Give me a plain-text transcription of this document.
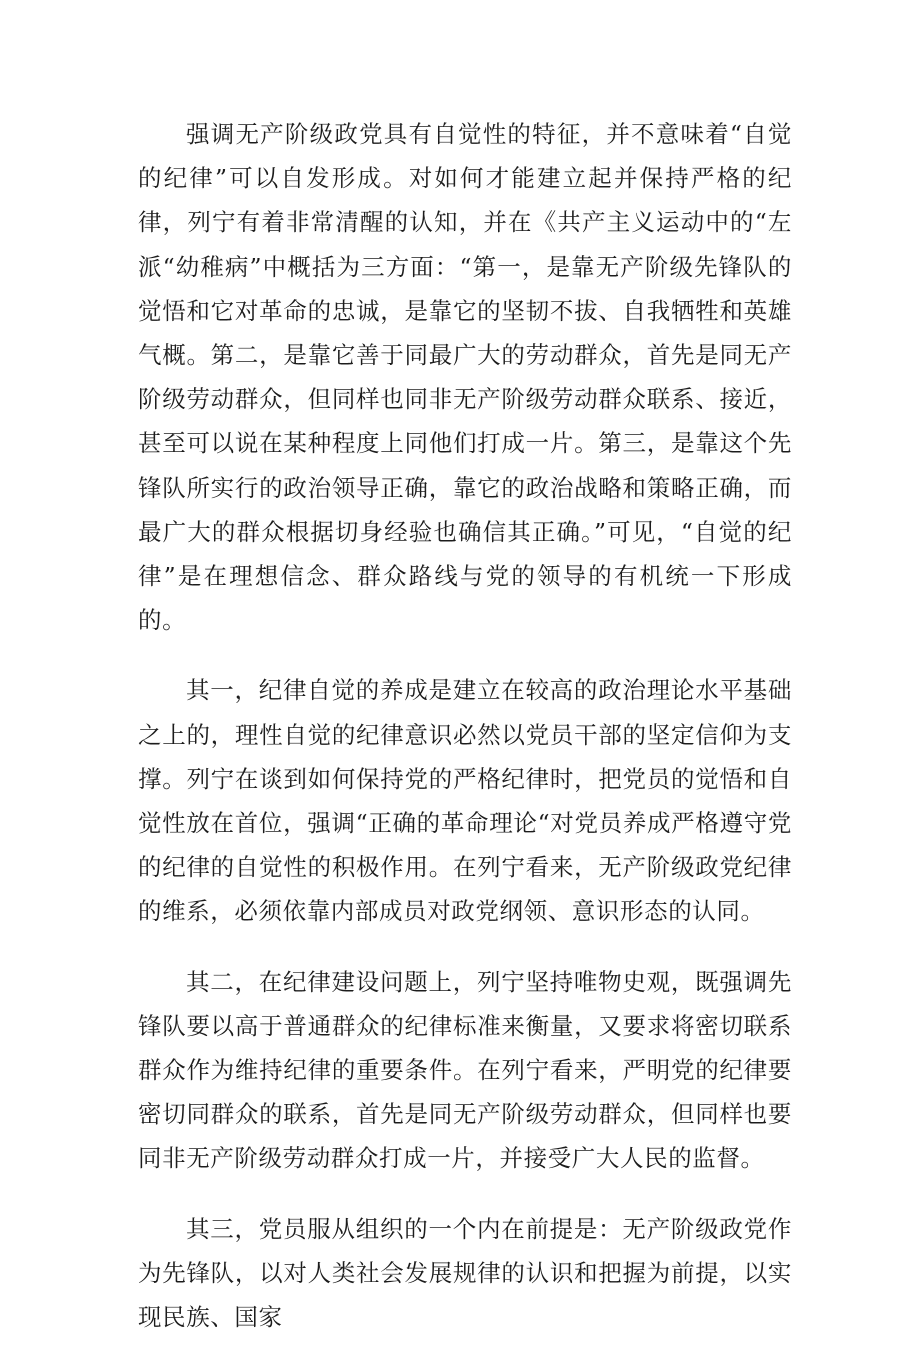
强调无产阶级政党具有自觉性的特征，并不意味着“自觉的纪律”可以自发形成。对如何才能建立起并保持严格的纪律，列宁有着非常清醒的认知，并在《共产主义运动中的“左派“幼稚病”中概括为三方面：“第一，是靠无产阶级先锋队的觉悟和它对革命的忠诚，是靠它的坚韧不拔、自我牺牲和英雄气概。第二，是靠它善于同最广大的劳动群众，首先是同无产阶级劳动群众，但同样也同非无产阶级劳动群众联系、接近，甚至可以说在某种程度上同他们打成一片。第三，是靠这个先锋队所实行的政治领导正确，靠它的政治战略和策略正确，而最广大的群众根据切身经验也确信其正确。”可见，“自觉的纪律”是在理想信念、群众路线与党的领导的有机统一下形成的。

其一，纪律自觉的养成是建立在较高的政治理论水平基础之上的，理性自觉的纪律意识必然以党员干部的坚定信仰为支撑。列宁在谈到如何保持党的严格纪律时，把党员的觉悟和自觉性放在首位，强调“正确的革命理论“对党员养成严格遵守党的纪律的自觉性的积极作用。在列宁看来，无产阶级政党纪律的维系，必须依靠内部成员对政党纲领、意识形态的认同。

其二，在纪律建设问题上，列宁坚持唯物史观，既强调先锋队要以高于普通群众的纪律标准来衡量，又要求将密切联系群众作为维持纪律的重要条件。在列宁看来，严明党的纪律要密切同群众的联系，首先是同无产阶级劳动群众，但同样也要同非无产阶级劳动群众打成一片，并接受广大人民的监督。

其三，党员服从组织的一个内在前提是：无产阶级政党作为先锋队，以对人类社会发展规律的认识和把握为前提，以实现民族、国家
